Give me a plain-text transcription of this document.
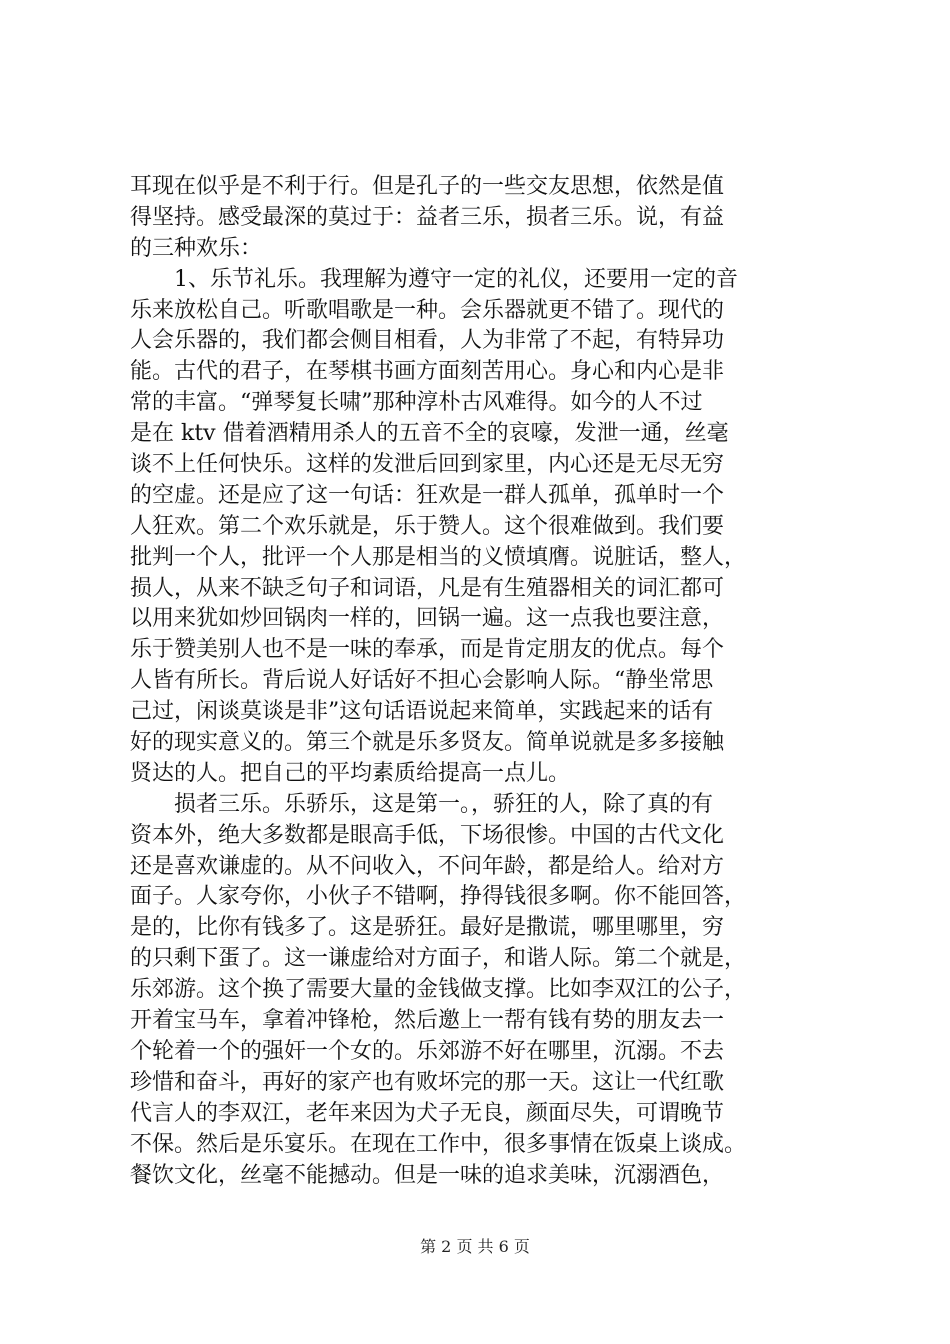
耳现在似乎是不利于行。但是孔子的一些交友思想，依然是值
得坚持。感受最深的莫过于：益者三乐，损者三乐。说，有益
的三种欢乐：
　　1、乐节礼乐。我理解为遵守一定的礼仪，还要用一定的音
乐来放松自己。听歌唱歌是一种。会乐器就更不错了。现代的
人会乐器的，我们都会侧目相看，人为非常了不起，有特异功
能。古代的君子，在琴棋书画方面刻苦用心。身心和内心是非
常的丰富。“弹琴复长啸”那种淳朴古风难得。如今的人不过
是在 ktv 借着酒精用杀人的五音不全的哀嚎，发泄一通，丝毫
谈不上任何快乐。这样的发泄后回到家里，内心还是无尽无穷
的空虚。还是应了这一句话：狂欢是一群人孤单，孤单时一个
人狂欢。第二个欢乐就是，乐于赞人。这个很难做到。我们要
批判一个人，批评一个人那是相当的义愤填膺。说脏话，整人，
损人，从来不缺乏句子和词语，凡是有生殖器相关的词汇都可
以用来犹如炒回锅肉一样的，回锅一遍。这一点我也要注意，
乐于赞美别人也不是一味的奉承，而是肯定朋友的优点。每个
人皆有所长。背后说人好话好不担心会影响人际。“静坐常思
己过，闲谈莫谈是非”这句话语说起来简单，实践起来的话有
好的现实意义的。第三个就是乐多贤友。简单说就是多多接触
贤达的人。把自己的平均素质给提高一点儿。
　　损者三乐。乐骄乐，这是第一。，骄狂的人，除了真的有
资本外，绝大多数都是眼高手低，下场很惨。中国的古代文化
还是喜欢谦虚的。从不问收入，不问年龄，都是给人。给对方
面子。人家夸你，小伙子不错啊，挣得钱很多啊。你不能回答，
是的，比你有钱多了。这是骄狂。最好是撒谎，哪里哪里，穷
的只剩下蛋了。这一谦虚给对方面子，和谐人际。第二个就是，
乐郊游。这个换了需要大量的金钱做支撑。比如李双江的公子，
开着宝马车，拿着冲锋枪，然后邀上一帮有钱有势的朋友去一
个轮着一个的强奸一个女的。乐郊游不好在哪里，沉溺。不去
珍惜和奋斗，再好的家产也有败坏完的那一天。这让一代红歌
代言人的李双江，老年来因为犬子无良，颜面尽失，可谓晚节
不保。然后是乐宴乐。在现在工作中，很多事情在饭桌上谈成。
餐饮文化，丝毫不能撼动。但是一味的追求美味，沉溺酒色，
第 2 页 共 6 页
